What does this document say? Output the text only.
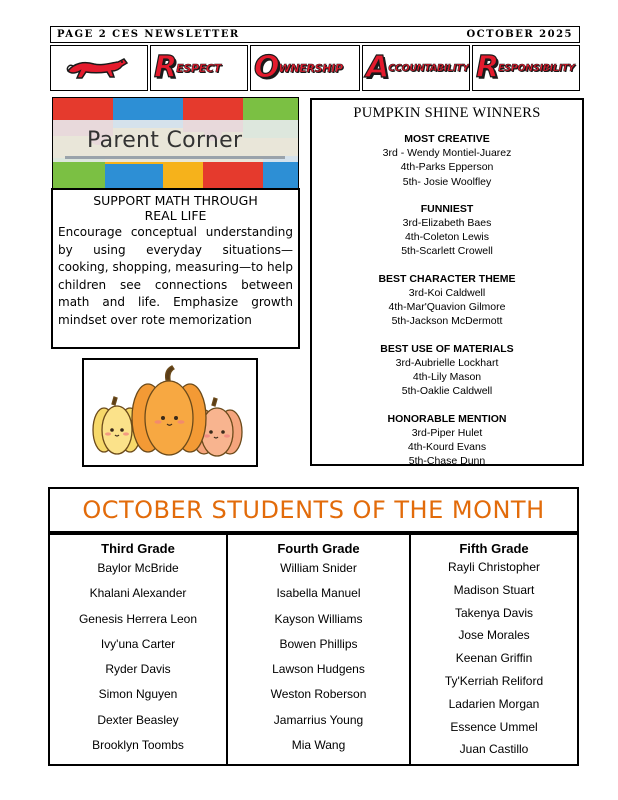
PAGE 2 CES NEWSLETTER	OCTOBER 2025
R ESPECT O WNERSHIP A CCOUNTABILITY R ESPONSIBILITY
Parent Corner
SUPPORT MATH THROUGH
REAL LIFE

Encourage conceptual understanding by using everyday situations—cooking, shopping, measuring—to help children see connections between math and life. Emphasize growth mindset over rote memorization

PUMPKIN SHINE WINNERS
MOST CREATIVE
3rd - Wendy Montiel-Juarez
4th-Parks Epperson
5th- Josie Woolfley
FUNNIEST
3rd-Elizabeth Baes
4th-Coleton Lewis
5th-Scarlett Crowell
BEST CHARACTER THEME
3rd-Koi Caldwell
4th-Mar'Quavion Gilmore
5th-Jackson McDermott
BEST USE OF MATERIALS
3rd-Aubrielle Lockhart
4th-Lily Mason
5th-Oaklie Caldwell
HONORABLE MENTION
3rd-Piper Hulet
4th-Kourd Evans
5th-Chase Dunn
OCTOBER STUDENTS OF THE MONTH
Third Grade
Baylor McBride
Khalani Alexander
Genesis Herrera Leon
Ivy'una Carter
Ryder Davis
Simon Nguyen
Dexter Beasley
Brooklyn Toombs
Fourth Grade
William Snider
Isabella Manuel
Kayson Williams
Bowen Phillips
Lawson Hudgens
Weston Roberson
Jamarrius Young
Mia Wang
Fifth Grade
Rayli Christopher
Madison Stuart
Takenya Davis
Jose Morales
Keenan Griffin
Ty'Kerriah Reliford
Ladarien Morgan
Essence Ummel
Juan Castillo
